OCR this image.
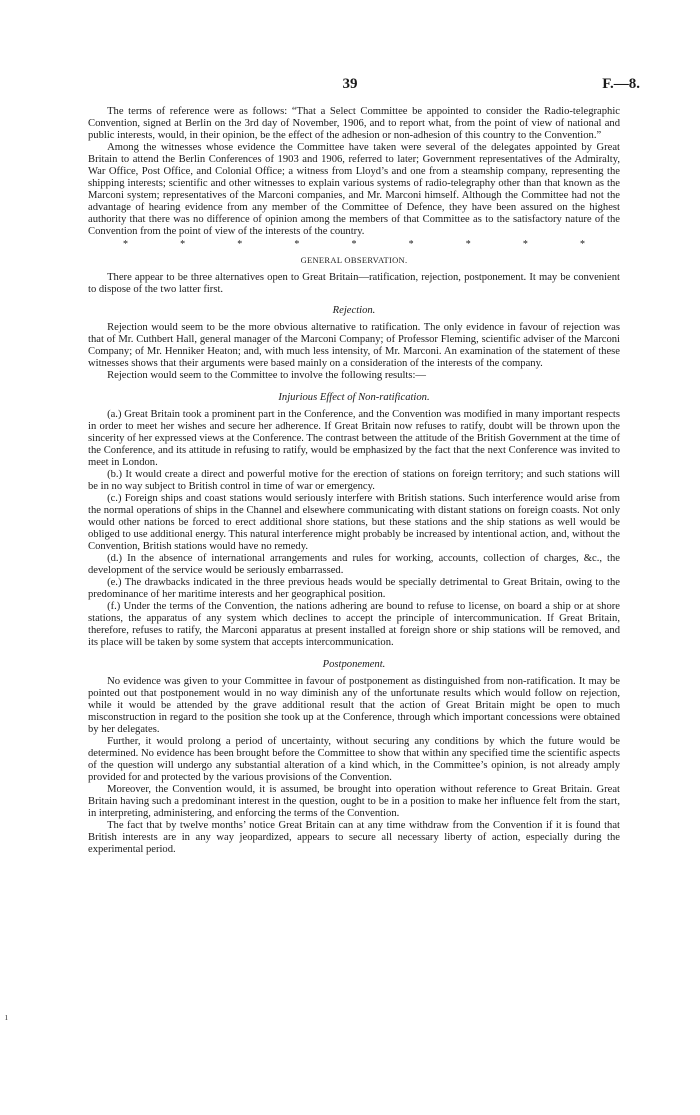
39	F.—8.

The terms of reference were as follows: “That a Select Committee be appointed to consider the Radio-telegraphic Convention, signed at Berlin on the 3rd day of November, 1906, and to report what, from the point of view of national and public interests, would, in their opinion, be the effect of the adhesion or non-adhesion of this country to the Convention.”

Among the witnesses whose evidence the Committee have taken were several of the delegates appointed by Great Britain to attend the Berlin Conferences of 1903 and 1906, referred to later; Government representatives of the Admiralty, War Office, Post Office, and Colonial Office; a witness from Lloyd’s and one from a steamship company, representing the shipping interests; scientific and other witnesses to explain various systems of radio-telegraphy other than that known as the Marconi system; representatives of the Marconi companies, and Mr. Marconi himself. Although the Committee had not the advantage of hearing evidence from any member of the Committee of Defence, they have been assured on the highest authority that there was no difference of opinion among the members of that Committee as to the satisfactory nature of the Convention from the point of view of the interests of the country.

*	*	*	*	*	*	*	*	*

GENERAL OBSERVATION.

There appear to be three alternatives open to Great Britain—ratification, rejection, postponement. It may be convenient to dispose of the two latter first.

Rejection.

Rejection would seem to be the more obvious alternative to ratification. The only evidence in favour of rejection was that of Mr. Cuthbert Hall, general manager of the Marconi Company; of Professor Fleming, scientific adviser of the Marconi Company; of Mr. Henniker Heaton; and, with much less intensity, of Mr. Marconi. An examination of the statement of these witnesses shows that their arguments were based mainly on a consideration of the interests of the company.

Rejection would seem to the Committee to involve the following results:—

Injurious Effect of Non-ratification.

(a.) Great Britain took a prominent part in the Conference, and the Convention was modified in many important respects in order to meet her wishes and secure her adherence. If Great Britain now refuses to ratify, doubt will be thrown upon the sincerity of her expressed views at the Conference. The contrast between the attitude of the British Government at the time of the Conference, and its attitude in refusing to ratify, would be emphasized by the fact that the next Conference was invited to meet in London.

(b.) It would create a direct and powerful motive for the erection of stations on foreign territory; and such stations will be in no way subject to British control in time of war or emergency.

(c.) Foreign ships and coast stations would seriously interfere with British stations. Such interference would arise from the normal operations of ships in the Channel and elsewhere communicating with distant stations on foreign coasts. Not only would other nations be forced to erect additional shore stations, but these stations and the ship stations as well would be obliged to use additional energy. This natural interference might probably be increased by intentional action, and, without the Convention, British stations would have no remedy.

(d.) In the absence of international arrangements and rules for working, accounts, collection of charges, &c., the development of the service would be seriously embarrassed.

(e.) The drawbacks indicated in the three previous heads would be specially detrimental to Great Britain, owing to the predominance of her maritime interests and her geographical position.

(f.) Under the terms of the Convention, the nations adhering are bound to refuse to license, on board a ship or at shore stations, the apparatus of any system which declines to accept the principle of intercommunication. If Great Britain, therefore, refuses to ratify, the Marconi apparatus at present installed at foreign shore or ship stations will be removed, and its place will be taken by some system that accepts intercommunication.

Postponement.

No evidence was given to your Committee in favour of postponement as distinguished from non-ratification. It may be pointed out that postponement would in no way diminish any of the unfortunate results which would follow on rejection, while it would be attended by the grave additional result that the action of Great Britain might be open to much misconstruction in regard to the position she took up at the Conference, through which important concessions were obtained by her delegates.

Further, it would prolong a period of uncertainty, without securing any conditions by which the future would be determined. No evidence has been brought before the Committee to show that within any specified time the scientific aspects of the question will undergo any substantial alteration of a kind which, in the Committee’s opinion, is not already amply provided for and protected by the various provisions of the Convention.

Moreover, the Convention would, it is assumed, be brought into operation without reference to Great Britain. Great Britain having such a predominant interest in the question, ought to be in a position to make her influence felt from the start, in interpreting, administering, and enforcing the terms of the Convention.

The fact that by twelve months’ notice Great Britain can at any time withdraw from the Convention if it is found that British interests are in any way jeopardized, appears to secure all necessary liberty of action, especially during the experimental period.

ı
